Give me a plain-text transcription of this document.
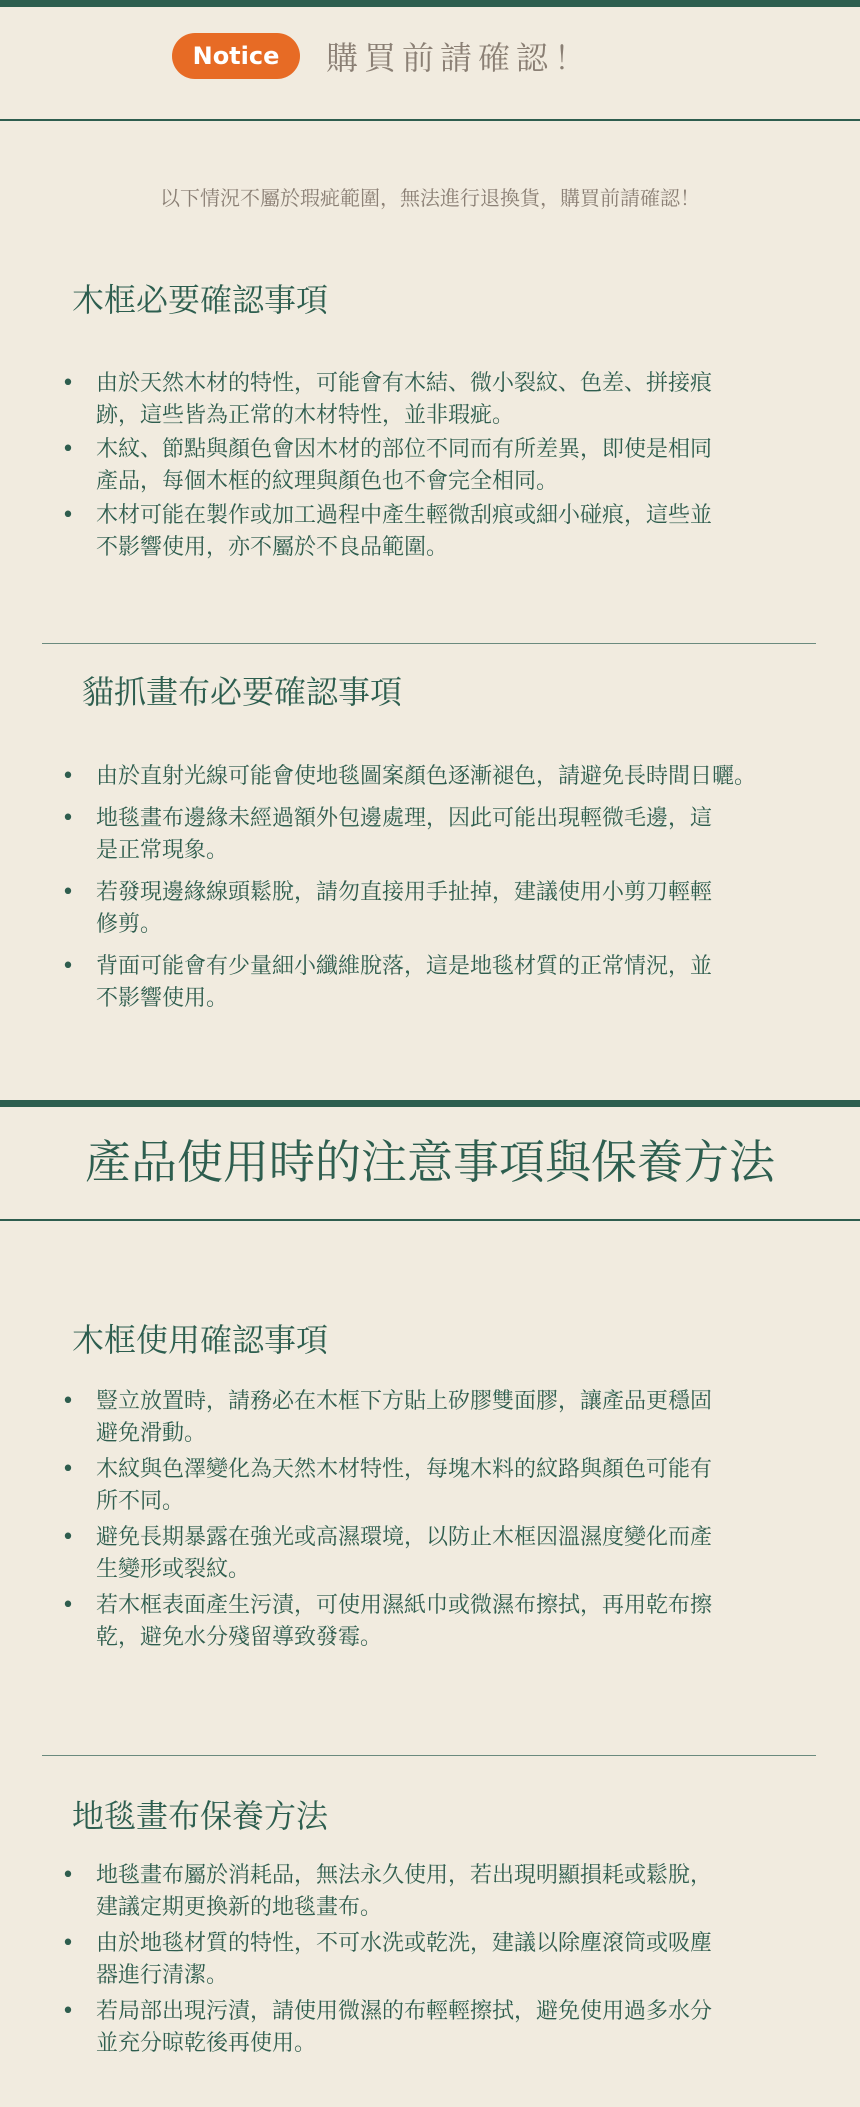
Notice	購買前請確認！
以下情況不屬於瑕疵範圍，無法進行退換貨，購買前請確認！
木框必要確認事項
• 由於天然木材的特性，可能會有木結、微小裂紋、色差、拼接痕
跡，這些皆為正常的木材特性，並非瑕疵。
• 木紋、節點與顏色會因木材的部位不同而有所差異，即使是相同
產品，每個木框的紋理與顏色也不會完全相同。
• 木材可能在製作或加工過程中產生輕微刮痕或細小碰痕，這些並
不影響使用，亦不屬於不良品範圍。
貓抓畫布必要確認事項
• 由於直射光線可能會使地毯圖案顏色逐漸褪色，請避免長時間日曬。
• 地毯畫布邊緣未經過額外包邊處理，因此可能出現輕微毛邊，這
是正常現象。
• 若發現邊緣線頭鬆脫，請勿直接用手扯掉，建議使用小剪刀輕輕
修剪。
• 背面可能會有少量細小纖維脫落，這是地毯材質的正常情況，並
不影響使用。
產品使用時的注意事項與保養方法
木框使用確認事項
• 豎立放置時，請務必在木框下方貼上矽膠雙面膠，讓產品更穩固
避免滑動。
• 木紋與色澤變化為天然木材特性，每塊木料的紋路與顏色可能有
所不同。
• 避免長期暴露在強光或高濕環境，以防止木框因溫濕度變化而產
生變形或裂紋。
• 若木框表面產生污漬，可使用濕紙巾或微濕布擦拭，再用乾布擦
乾，避免水分殘留導致發霉。
地毯畫布保養方法
• 地毯畫布屬於消耗品，無法永久使用，若出現明顯損耗或鬆脫，
建議定期更換新的地毯畫布。
• 由於地毯材質的特性，不可水洗或乾洗，建議以除塵滾筒或吸塵
器進行清潔。
• 若局部出現污漬，請使用微濕的布輕輕擦拭，避免使用過多水分
並充分晾乾後再使用。
